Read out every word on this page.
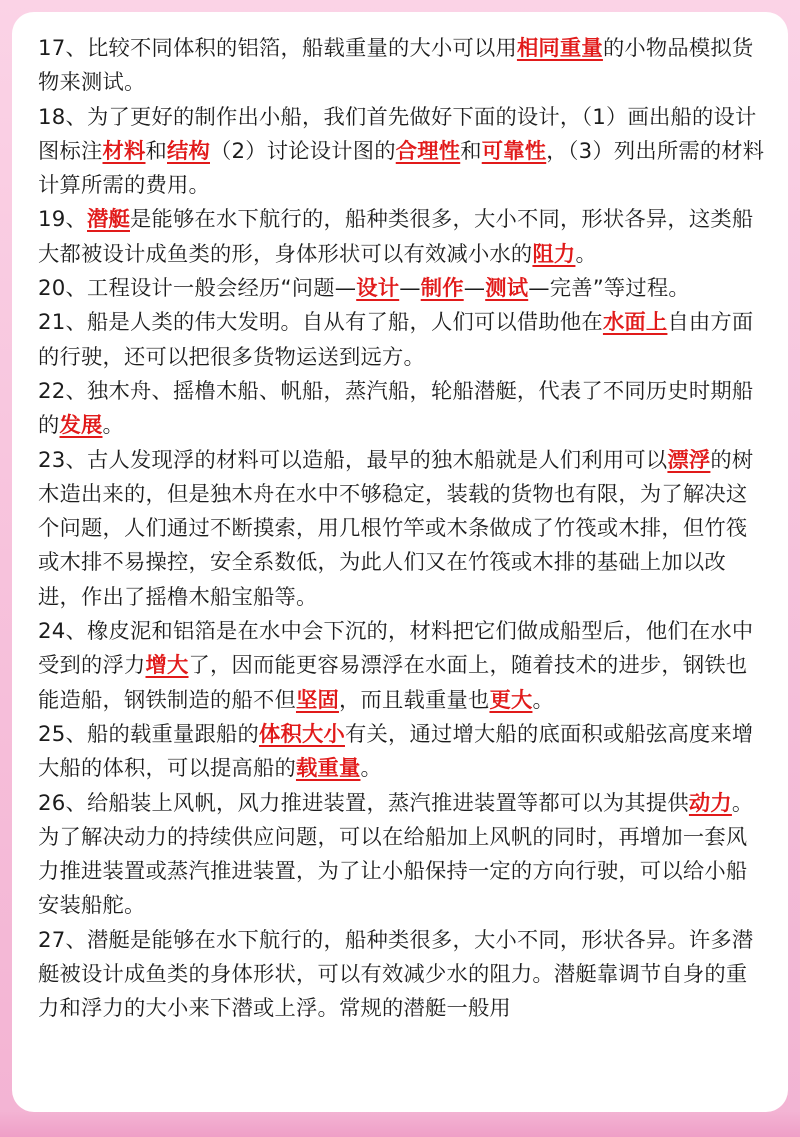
17、比较不同体积的铝箔，船载重量的大小可以用相同重量的小物品模拟货物来测试。

18、为了更好的制作出小船，我们首先做好下面的设计，（1）画出船的设计图标注材料和结构（2）讨论设计图的合理性和可靠性，（3）列出所需的材料计算所需的费用。

19、潜艇是能够在水下航行的，船种类很多，大小不同，形状各异，这类船大都被设计成鱼类的形，身体形状可以有效减小水的阻力。

20、工程设计一般会经历“问题—设计—制作—测试—完善”等过程。

21、船是人类的伟大发明。自从有了船，人们可以借助他在水面上自由方面的行驶，还可以把很多货物运送到远方。

22、独木舟、摇橹木船、帆船，蒸汽船，轮船潜艇，代表了不同历史时期船的发展。

23、古人发现浮的材料可以造船，最早的独木船就是人们利用可以漂浮的树木造出来的，但是独木舟在水中不够稳定，装载的货物也有限，为了解决这个问题，人们通过不断摸索，用几根竹竿或木条做成了竹筏或木排，但竹筏或木排不易操控，安全系数低，为此人们又在竹筏或木排的基础上加以改进，作出了摇橹木船宝船等。

24、橡皮泥和铝箔是在水中会下沉的，材料把它们做成船型后，他们在水中受到的浮力增大了，因而能更容易漂浮在水面上，随着技术的进步，钢铁也能造船，钢铁制造的船不但坚固，而且载重量也更大。

25、船的载重量跟船的体积大小有关，通过增大船的底面积或船弦高度来增大船的体积，可以提高船的载重量。

26、给船装上风帆，风力推进装置，蒸汽推进装置等都可以为其提供动力。为了解决动力的持续供应问题，可以在给船加上风帆的同时，再增加一套风力推进装置或蒸汽推进装置，为了让小船保持一定的方向行驶，可以给小船安装船舵。

27、潜艇是能够在水下航行的，船种类很多，大小不同，形状各异。许多潜艇被设计成鱼类的身体形状，可以有效减少水的阻力。潜艇靠调节自身的重力和浮力的大小来下潜或上浮。常规的潜艇一般用
